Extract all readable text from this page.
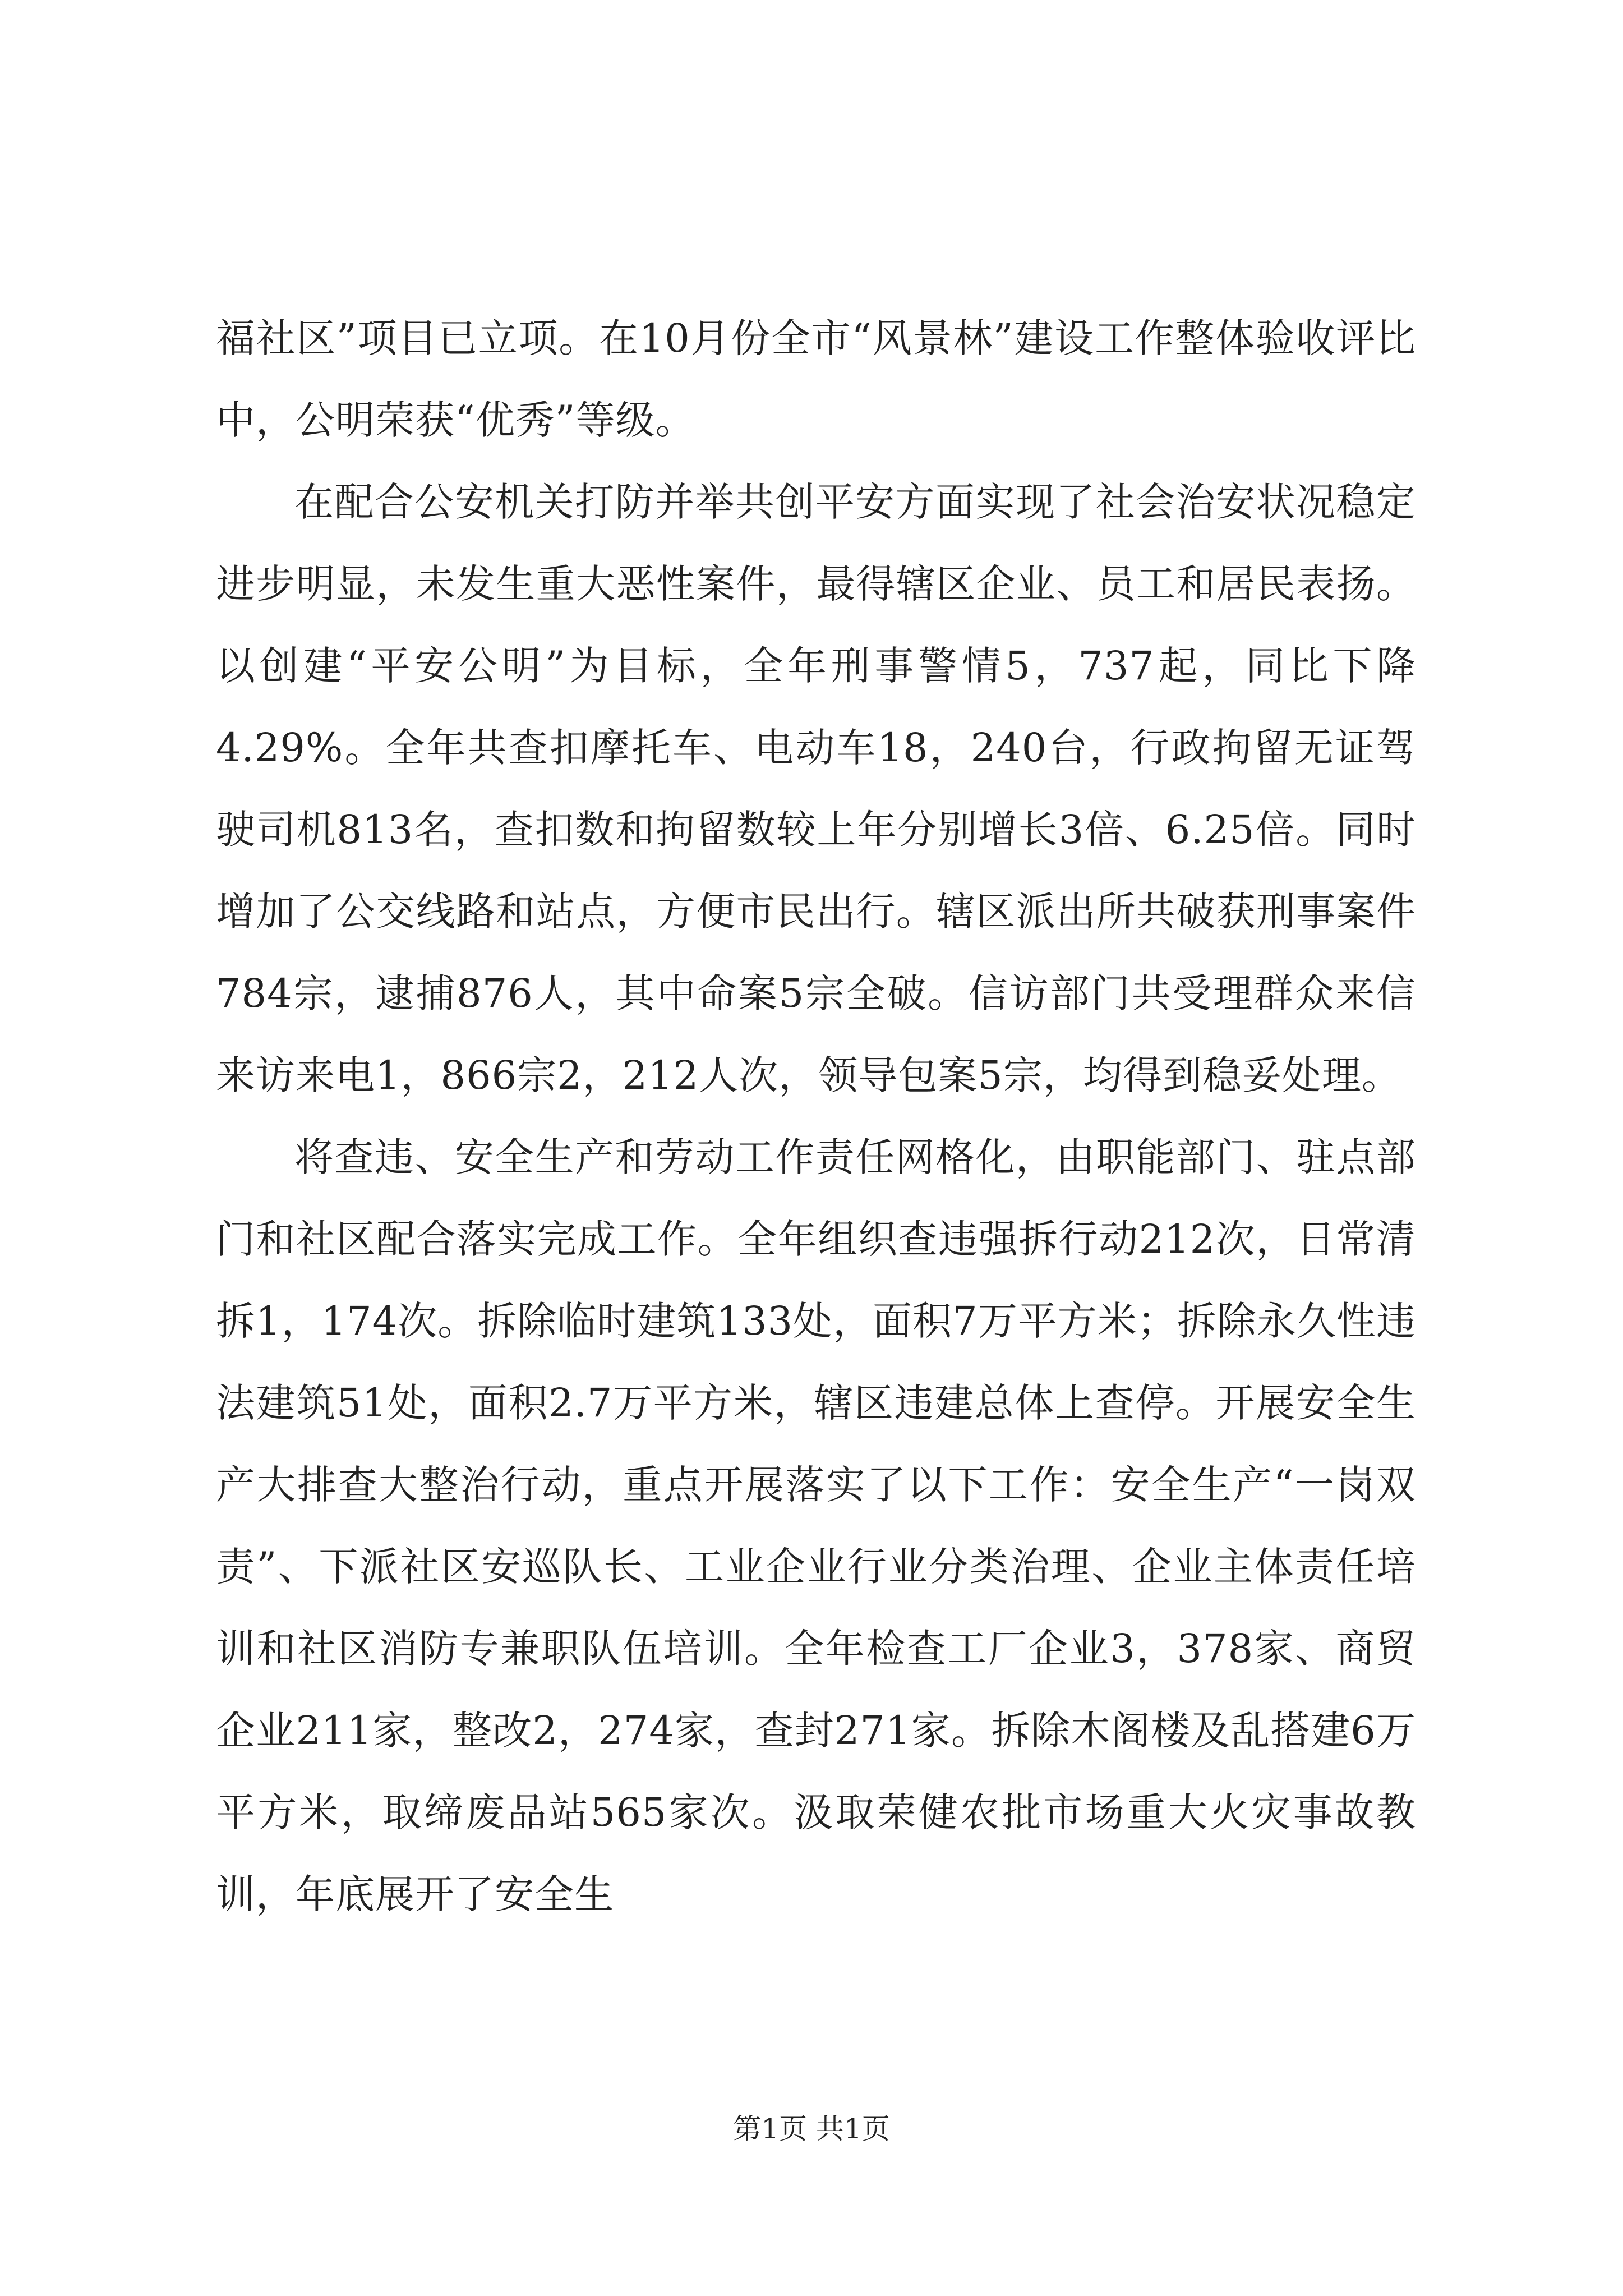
福社区”项目已立项。在10月份全市“风景林”建设工作整体验收评比中，公明荣获“优秀”等级。

在配合公安机关打防并举共创平安方面实现了社会治安状况稳定进步明显，未发生重大恶性案件，最得辖区企业、员工和居民表扬。以创建“平安公明”为目标，全年刑事警情5，737起，同比下降4.29%。全年共查扣摩托车、电动车18，240台，行政拘留无证驾驶司机813名，查扣数和拘留数较上年分别增长3倍、6.25倍。同时增加了公交线路和站点，方便市民出行。辖区派出所共破获刑事案件784宗，逮捕876人，其中命案5宗全破。信访部门共受理群众来信来访来电1，866宗2，212人次，领导包案5宗，均得到稳妥处理。

将查违、安全生产和劳动工作责任网格化，由职能部门、驻点部门和社区配合落实完成工作。全年组织查违强拆行动212次，日常清拆1，174次。拆除临时建筑133处，面积7万平方米；拆除永久性违法建筑51处，面积2.7万平方米，辖区违建总体上查停。开展安全生产大排查大整治行动，重点开展落实了以下工作：安全生产“一岗双责”、下派社区安巡队长、工业企业行业分类治理、企业主体责任培训和社区消防专兼职队伍培训。全年检查工厂企业3，378家、商贸企业211家，整改2，274家，查封271家。拆除木阁楼及乱搭建6万平方米，取缔废品站565家次。汲取荣健农批市场重大火灾事故教训，年底展开了安全生

第1页 共1页
